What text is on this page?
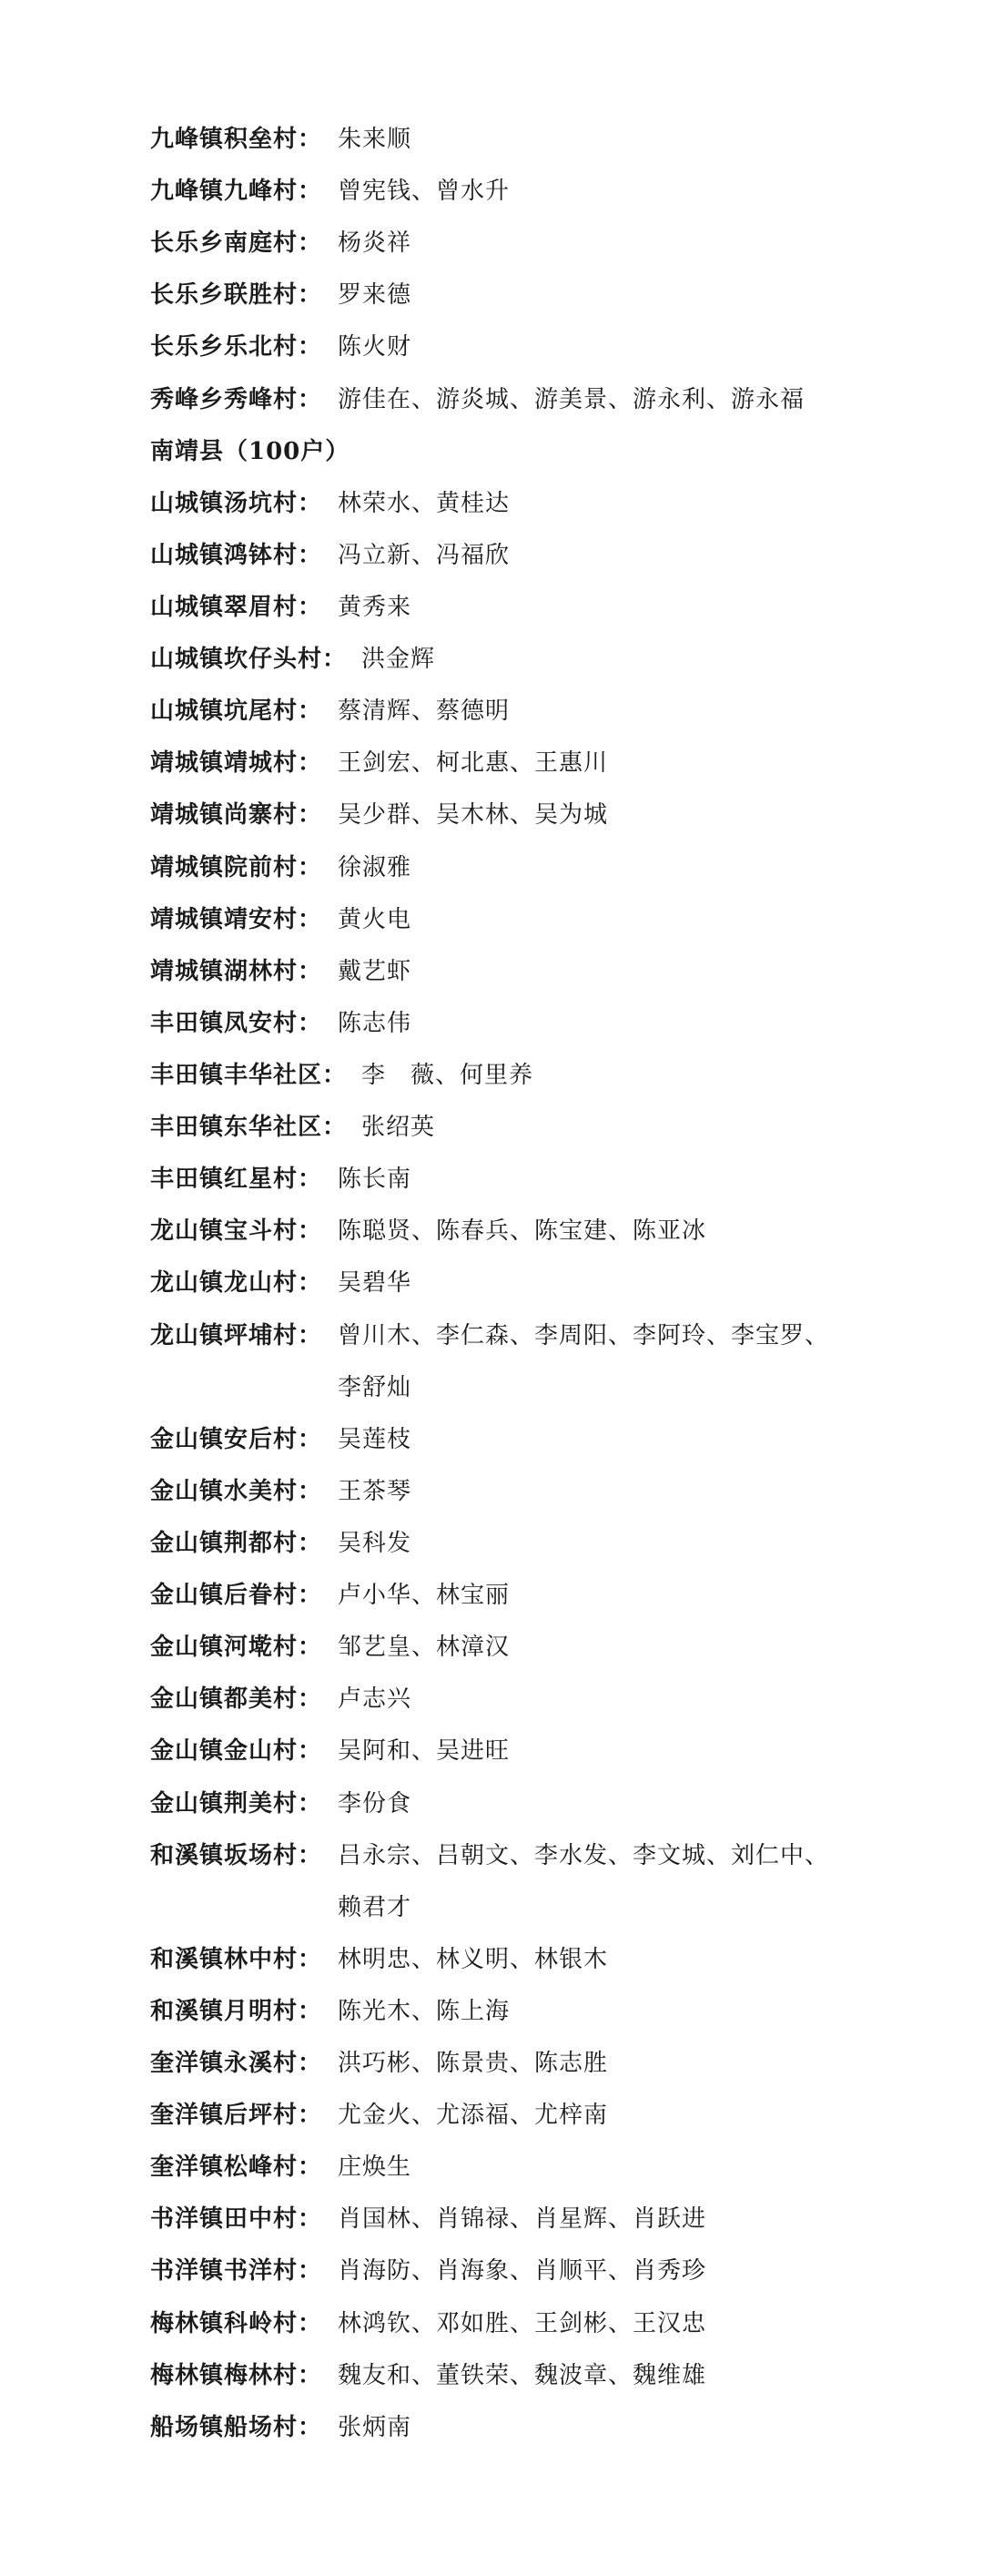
九峰镇积垒村： 朱来顺
九峰镇九峰村： 曾宪钱、曾水升
长乐乡南庭村： 杨炎祥
长乐乡联胜村： 罗来德
长乐乡乐北村： 陈火财
秀峰乡秀峰村： 游佳在、游炎城、游美景、游永利、游永福
南靖县（100户）
山城镇汤坑村： 林荣水、黄桂达
山城镇鸿钵村： 冯立新、冯福欣
山城镇翠眉村： 黄秀来
山城镇坎仔头村： 洪金辉
山城镇坑尾村： 蔡清辉、蔡德明
靖城镇靖城村： 王剑宏、柯北惠、王惠川
靖城镇尚寨村： 吴少群、吴木林、吴为城
靖城镇院前村： 徐淑雅
靖城镇靖安村： 黄火电
靖城镇湖林村： 戴艺虾
丰田镇凤安村： 陈志伟
丰田镇丰华社区： 李　薇、何里养
丰田镇东华社区： 张绍英
丰田镇红星村： 陈长南
龙山镇宝斗村： 陈聪贤、陈春兵、陈宝建、陈亚冰
龙山镇龙山村： 吴碧华
龙山镇坪埔村： 曾川木、李仁森、李周阳、李阿玲、李宝罗、
李舒灿
金山镇安后村： 吴莲枝
金山镇水美村： 王茶琴
金山镇荆都村： 吴科发
金山镇后眷村： 卢小华、林宝丽
金山镇河墘村： 邹艺皇、林漳汉
金山镇都美村： 卢志兴
金山镇金山村： 吴阿和、吴进旺
金山镇荆美村： 李份食
和溪镇坂场村： 吕永宗、吕朝文、李水发、李文城、刘仁中、
赖君才
和溪镇林中村： 林明忠、林义明、林银木
和溪镇月明村： 陈光木、陈上海
奎洋镇永溪村： 洪巧彬、陈景贵、陈志胜
奎洋镇后坪村： 尤金火、尤添福、尤梓南
奎洋镇松峰村： 庄焕生
书洋镇田中村： 肖国林、肖锦禄、肖星辉、肖跃进
书洋镇书洋村： 肖海防、肖海象、肖顺平、肖秀珍
梅林镇科岭村： 林鸿钦、邓如胜、王剑彬、王汉忠
梅林镇梅林村： 魏友和、董铁荣、魏波章、魏维雄
船场镇船场村： 张炳南
